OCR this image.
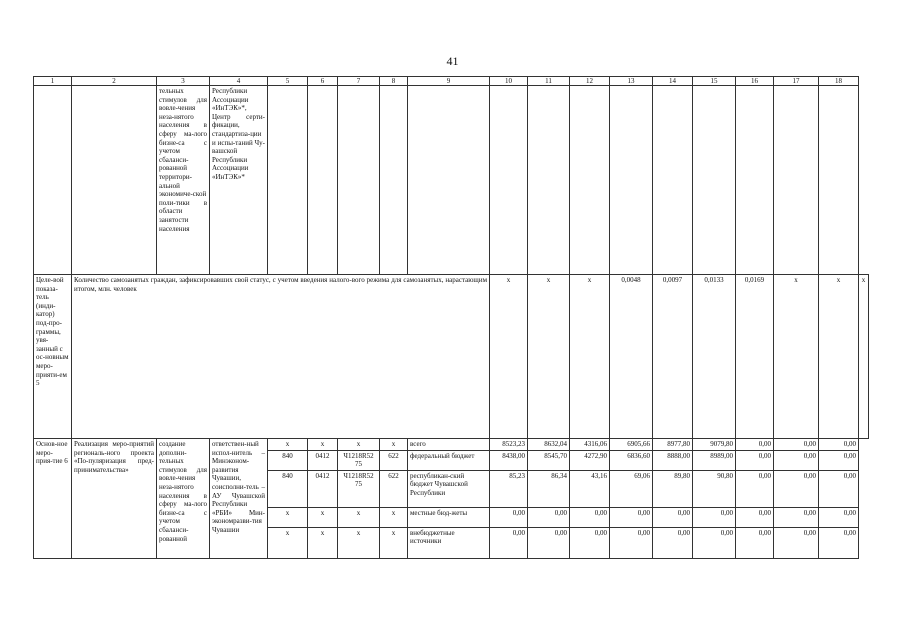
41
1	2	3	4	5	6	7	8	9	10	11	12	13	14	15	16	17	18	
		тельных стимулов для вовле-чения неза-нятого населения в сферу ма-лого бизне-са с учетом сбаланси-рованной территори-альной экономиче-ской поли-тики в области занятости населения	Республики Ассоциации «ИнТЭК»*, Центр серти-фикации, стандартиза-ции и испы-таний Чу-вашской Республики Ассоциации «ИнТЭК»*															
Целе-вой показа-тель (инди-катор) под-про-граммы, увя-занный с ос-новным меро-прияти-ем 5	Количество самозанятых граждан, зафиксировавших свой статус, с учетом введения налого-вого режима для самозанятых, нарастающим итогом, млн. человек								x	x	x	0,0048	0,0097	0,0133	0,0169	x	x	x
Основ-ное меро-прия-тие 6	Реализация меро-приятий региональ-ного проекта «По-пуляризация пред-принимательства»	создание дополни-тельных стимулов для вовле-чения неза-нятого населения в сферу ма-лого бизне-са с учетом сбаланси-рованной	ответствен-ный испол-нитель – Минэконом-развития Чувашии, соисполни-тель – АУ Чувашской Республики «РБИ» Мин-экономразви-тия Чувашии	x	x	x	x	всего	8523,23	8632,04	4316,06	6905,66	8977,80	9079,80	0,00	0,00	0,00	
				840	0412	Ч1218R52 75	622	федеральный бюджет	8438,00	8545,70	4272,90	6836,60	8888,00	8989,00	0,00	0,00	0,00	
				840	0412	Ч1218R52 75	622	республикан-ский бюджет Чувашской Республики	85,23	86,34	43,16	69,06	89,80	90,80	0,00	0,00	0,00	
				x	x	x	x	местные бюд-жеты	0,00	0,00	0,00	0,00	0,00	0,00	0,00	0,00	0,00	
				x	x	x	x	внебюджетные источники	0,00	0,00	0,00	0,00	0,00	0,00	0,00	0,00	0,00	
